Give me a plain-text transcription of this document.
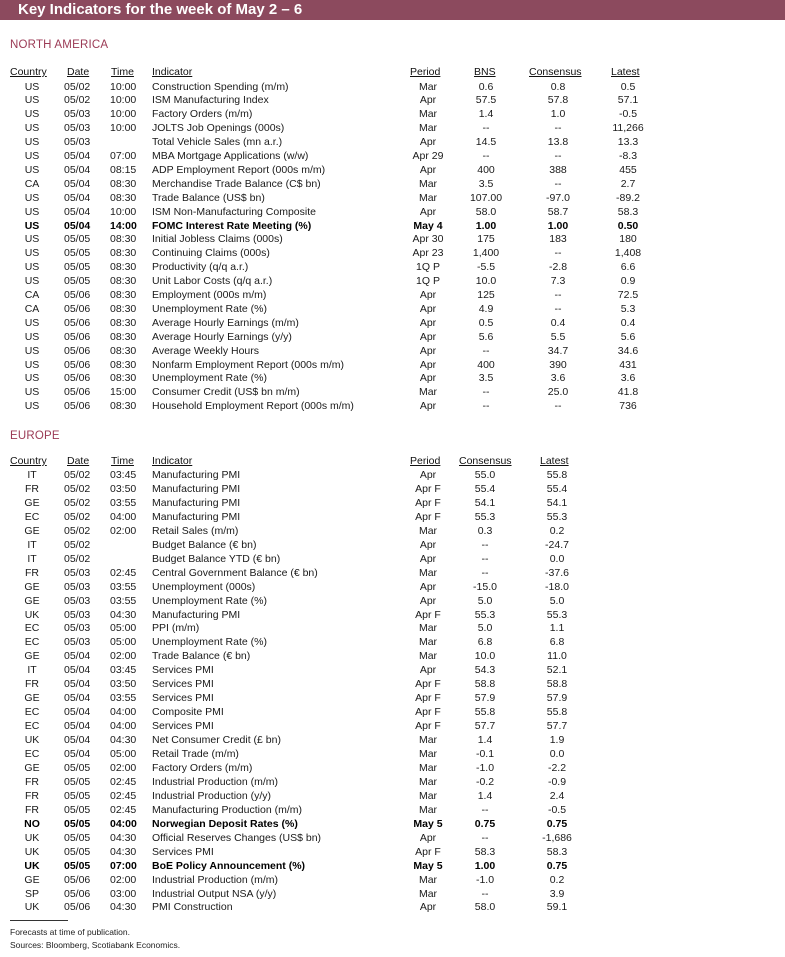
Key Indicators for the week of May 2 – 6
NORTH AMERICA
Country Date Time Indicator	Period	BNS	Consensus	Latest
US 05/02 10:00 Construction Spending (m/m)	Mar	0.6	0.8	0.5
US 05/02 10:00 ISM Manufacturing Index	Apr	57.5	57.8	57.1
US 05/03 10:00 Factory Orders (m/m)	Mar	1.4	1.0	-0.5
US 05/03 10:00 JOLTS Job Openings (000s)	Mar	--	--	11,266
US 05/03	Total Vehicle Sales (mn a.r.)	Apr	14.5	13.8	13.3
US 05/04 07:00 MBA Mortgage Applications (w/w)	Apr 29	--	--	-8.3
US 05/04 08:15 ADP Employment Report (000s m/m)	Apr	400	388	455
CA 05/04 08:30 Merchandise Trade Balance (C$ bn)	Mar	3.5	--	2.7
US 05/04 08:30 Trade Balance (US$ bn)	Mar	107.00	-97.0	-89.2
US 05/04 10:00 ISM Non-Manufacturing Composite	Apr	58.0	58.7	58.3
US 05/04 14:00 FOMC Interest Rate Meeting (%)	May 4	1.00	1.00	0.50
US 05/05 08:30 Initial Jobless Claims (000s)	Apr 30	175	183	180
US 05/05 08:30 Continuing Claims (000s)	Apr 23	1,400	--	1,408
US 05/05 08:30 Productivity (q/q a.r.)	1Q P	-5.5	-2.8	6.6
US 05/05 08:30 Unit Labor Costs (q/q a.r.)	1Q P	10.0	7.3	0.9
CA 05/06 08:30 Employment (000s m/m)	Apr	125	--	72.5
CA 05/06 08:30 Unemployment Rate (%)	Apr	4.9	--	5.3
US 05/06 08:30 Average Hourly Earnings (m/m)	Apr	0.5	0.4	0.4
US 05/06 08:30 Average Hourly Earnings (y/y)	Apr	5.6	5.5	5.6
US 05/06 08:30 Average Weekly Hours	Apr	--	34.7	34.6
US 05/06 08:30 Nonfarm Employment Report (000s m/m)	Apr	400	390	431
US 05/06 08:30 Unemployment Rate (%)	Apr	3.5	3.6	3.6
US 05/06 15:00 Consumer Credit (US$ bn m/m)	Mar	--	25.0	41.8
US 05/06 08:30 Household Employment Report (000s m/m)	Apr	--	--	736
EUROPE
Country Date Time Indicator	Period Consensus	Latest
IT	05/02 03:45 Manufacturing PMI	Apr	55.0	55.8
FR 05/02 03:50 Manufacturing PMI	Apr F	55.4	55.4
GE 05/02 03:55 Manufacturing PMI	Apr F	54.1	54.1
EC 05/02 04:00 Manufacturing PMI	Apr F	55.3	55.3
GE 05/02 02:00 Retail Sales (m/m)	Mar	0.3	0.2
IT	05/02	Budget Balance (€ bn)	Apr	--	-24.7
IT	05/02	Budget Balance YTD (€ bn)	Apr	--	0.0
FR 05/03 02:45 Central Government Balance (€ bn)	Mar	--	-37.6
GE 05/03 03:55 Unemployment (000s)	Apr	-15.0	-18.0
GE 05/03 03:55 Unemployment Rate (%)	Apr	5.0	5.0
UK 05/03 04:30 Manufacturing PMI	Apr F	55.3	55.3
EC 05/03 05:00 PPI (m/m)	Mar	5.0	1.1
EC 05/03 05:00 Unemployment Rate (%)	Mar	6.8	6.8
GE 05/04 02:00 Trade Balance (€ bn)	Mar	10.0	11.0
IT	05/04 03:45 Services PMI	Apr	54.3	52.1
FR 05/04 03:50 Services PMI	Apr F	58.8	58.8
GE 05/04 03:55 Services PMI	Apr F	57.9	57.9
EC 05/04 04:00 Composite PMI	Apr F	55.8	55.8
EC 05/04 04:00 Services PMI	Apr F	57.7	57.7
UK 05/04 04:30 Net Consumer Credit (£ bn)	Mar	1.4	1.9
EC 05/04 05:00 Retail Trade (m/m)	Mar	-0.1	0.0
GE 05/05 02:00 Factory Orders (m/m)	Mar	-1.0	-2.2
FR 05/05 02:45 Industrial Production (m/m)	Mar	-0.2	-0.9
FR 05/05 02:45 Industrial Production (y/y)	Mar	1.4	2.4
FR 05/05 02:45 Manufacturing Production (m/m)	Mar	--	-0.5
NO 05/05 04:00 Norwegian Deposit Rates (%)	May 5	0.75	0.75
UK 05/05 04:30 Official Reserves Changes (US$ bn)	Apr	--	-1,686
UK 05/05 04:30 Services PMI	Apr F	58.3	58.3
UK 05/05 07:00 BoE Policy Announcement (%)	May 5	1.00	0.75
GE 05/06 02:00 Industrial Production (m/m)	Mar	-1.0	0.2
SP 05/06 03:00 Industrial Output NSA (y/y)	Mar	--	3.9
UK 05/06 04:30 PMI Construction	Apr	58.0	59.1
Forecasts at time of publication.
Sources: Bloomberg, Scotiabank Economics.
